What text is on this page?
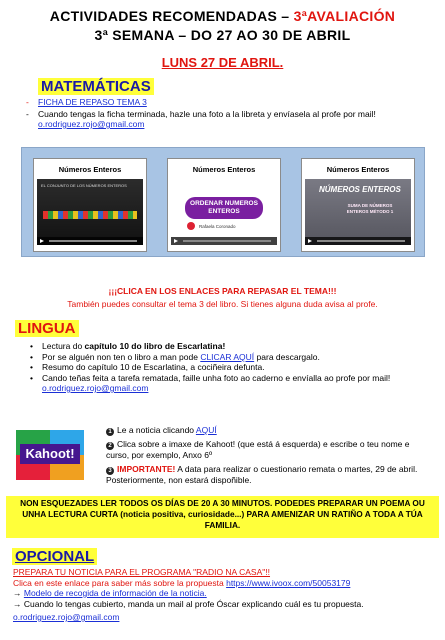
ACTIVIDADES RECOMENDADAS – 3ªAVALIACIÓN
3ª SEMANA – DO 27 AO 30 DE ABRIL
LUNS 27 DE ABRIL.
MATEMÁTICAS
- FICHA DE REPASO TEMA 3
- Cuando tengas la ficha terminada, hazle una foto a la libreta y envíasela al profe por mail! o.rodriguez.rojo@gmail.com
Números Enteros
EL CONJUNTO DE LOS NÚMEROS ENTEROS
Números Enteros
ORDENAR NUMEROS ENTEROS
Rafaela Coronado
Números Enteros
NÚMEROS ENTEROS
SUMA DE NÚMEROS ENTEROS MÉTODO 1
¡¡¡CLICA EN LOS ENLACES PARA REPASAR EL TEMA!!!
También puedes consultar el tema 3 del libro. Si tienes alguna duda avisa al profe.
LINGUA
• Lectura do capítulo 10 do libro de Escarlatina!
• Por se alguén non ten o libro a man pode CLICAR AQUÍ para descargalo.
• Resumo do capítulo 10 de Escarlatina, a cociñeira defunta.
• Cando teñas feita a tarefa rematada, faille unha foto ao caderno e envíalla ao profe por mail! o.rodriguez.rojo@gmail.com
Kahoot!
1 Le a noticia clicando AQUÍ
2 Clica sobre a imaxe de Kahoot! (que está á esquerda) e escribe o teu nome e curso, por exemplo, Anxo 6º
3 IMPORTANTE! A data para realizar o cuestionario remata o martes, 29 de abril. Posteriormente, non estará dispoñible.
NON ESQUEZADES LER TODOS OS DÍAS DE 20 A 30 MINUTOS. PODEDES PREPARAR UN POEMA OU UNHA LECTURA CURTA (noticia positiva, curiosidade...) PARA AMENIZAR UN RATIÑO A TODA A TÚA FAMILIA.
OPCIONAL
PREPARA TU NOTICIA PARA EL PROGRAMA "RADIO NA CASA"!!
Clica en este enlace para saber más sobre la propuesta https://www.ivoox.com/50053179
→ Modelo de recogida de información de la noticia.
→ Cuando lo tengas cubierto, manda un mail al profe Óscar explicando cuál es tu propuesta.
o.rodriguez.rojo@gmail.com
